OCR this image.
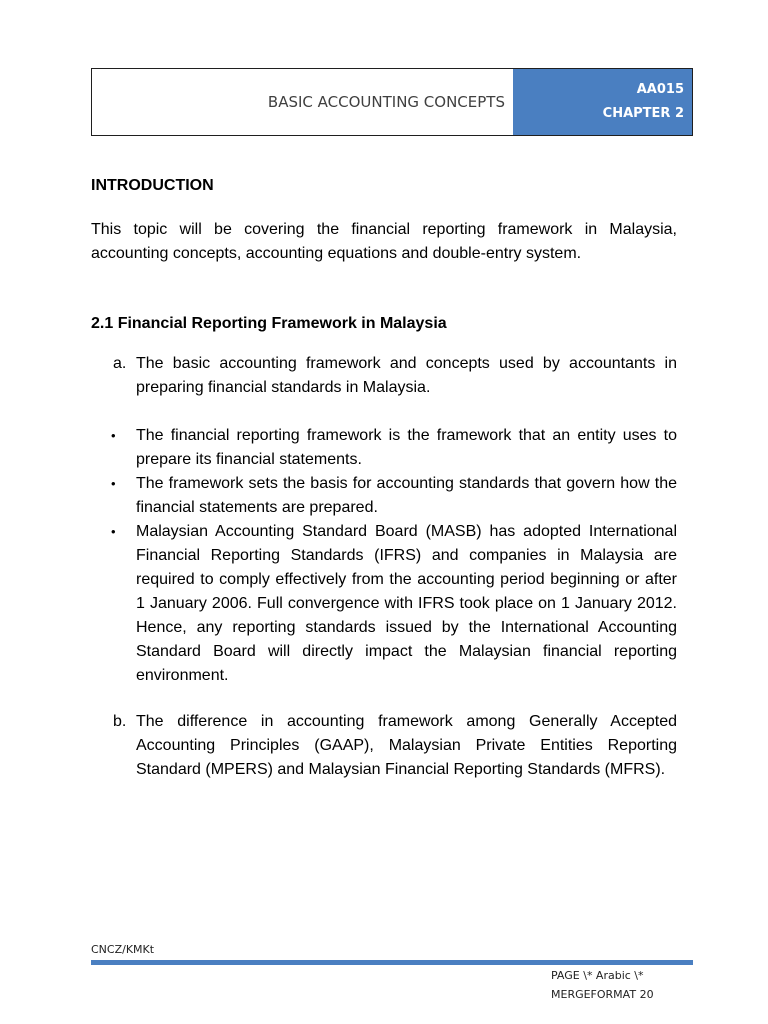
BASIC ACCOUNTING CONCEPTS
AA015
CHAPTER 2

INTRODUCTION

This topic will be covering the financial reporting framework in Malaysia, accounting concepts, accounting equations and double-entry system.

2.1 Financial Reporting Framework in Malaysia

a. The basic accounting framework and concepts used by accountants in preparing financial standards in Malaysia.
• The financial reporting framework is the framework that an entity uses to prepare its financial statements.
• The framework sets the basis for accounting standards that govern how the financial statements are prepared.
• Malaysian Accounting Standard Board (MASB) has adopted International Financial Reporting Standards (IFRS) and companies in Malaysia are required to comply effectively from the accounting period beginning or after 1 January 2006. Full convergence with IFRS took place on 1 January 2012. Hence, any reporting standards issued by the International Accounting Standard Board will directly impact the Malaysian financial reporting environment.
b. The difference in accounting framework among Generally Accepted Accounting Principles (GAAP), Malaysian Private Entities Reporting Standard (MPERS) and Malaysian Financial Reporting Standards (MFRS).
CNCZ/KMKt
PAGE \* Arabic \*
MERGEFORMAT 20
